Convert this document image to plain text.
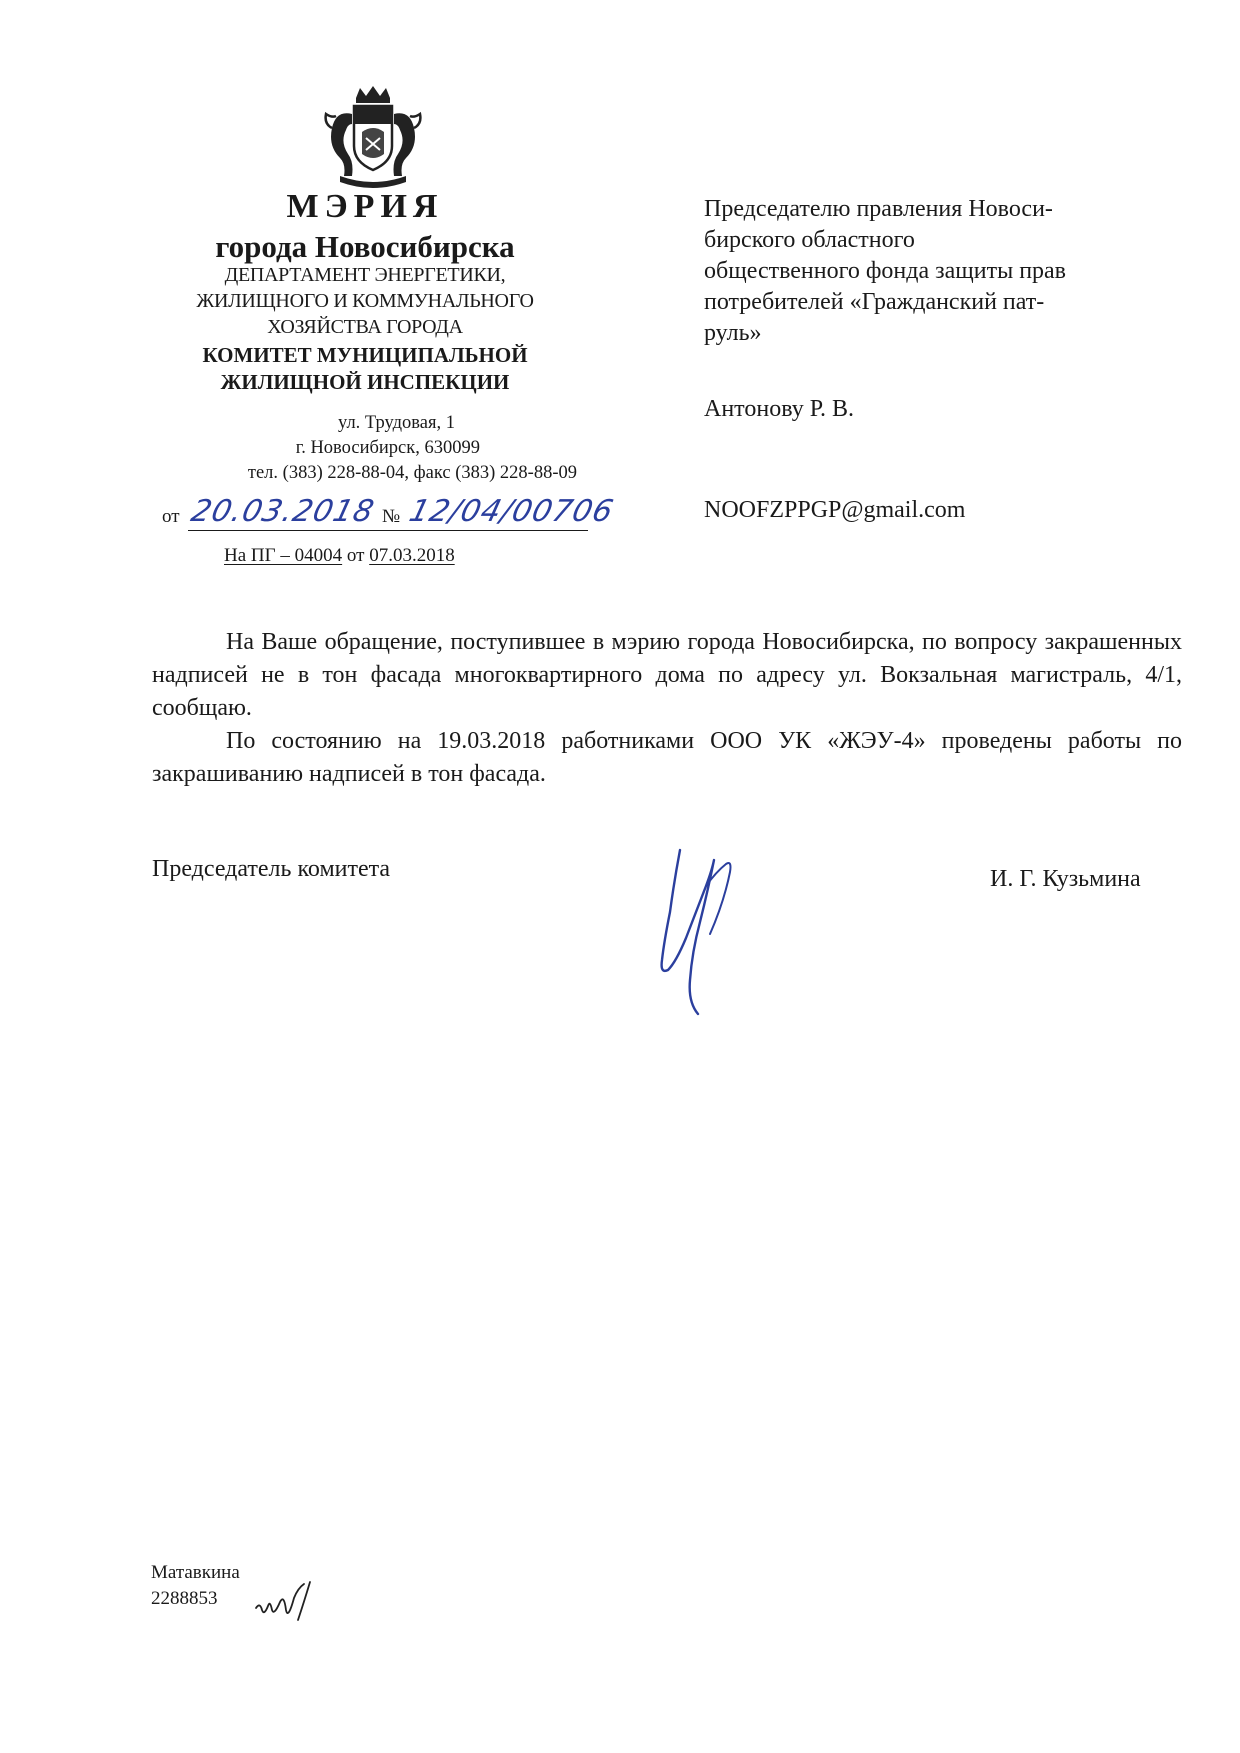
МЭРИЯ
города Новосибирска
ДЕПАРТАМЕНТ ЭНЕРГЕТИКИ,
ЖИЛИЩНОГО И КОММУНАЛЬНОГО
ХОЗЯЙСТВА ГОРОДА
КОМИТЕТ МУНИЦИПАЛЬНОЙ
ЖИЛИЩНОЙ ИНСПЕКЦИИ
ул. Трудовая, 1
г. Новосибирск, 630099
тел. (383) 228-88-04, факс (383) 228-88-09
от 20.03.2018 № 12/04/00706
На ПГ – 04004 от 07.03.2018
Председателю правления Новоси-
бирского областного
общественного фонда защиты прав
потребителей «Гражданский пат-
руль»
Антонову Р. В.
NOOFZPPGP@gmail.com

На Ваше обращение, поступившее в мэрию города Новосибирска, по вопросу закрашенных надписей не в тон фасада многоквартирного дома по адресу ул. Вокзальная магистраль, 4/1, сообщаю.

По состоянию на 19.03.2018 работниками ООО УК «ЖЭУ-4» проведены работы по закрашиванию надписей в тон фасада.

Председатель комитета	И. Г. Кузьмина
Матавкина
2288853
